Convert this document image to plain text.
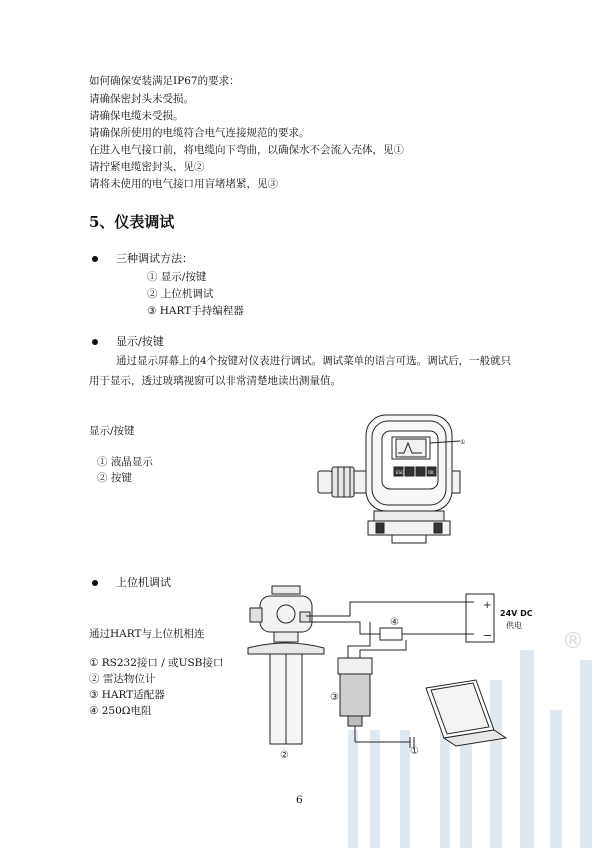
如何确保安装满足IP67的要求：
请确保密封头未受损。
请确保电缆未受损。
请确保所使用的电缆符合电气连接规范的要求。
在进入电气接口前，将电缆向下弯曲，以确保水不会流入壳体，见①
请拧紧电缆密封头，见②
请将未使用的电气接口用盲堵堵紧，见③
5、仪表调试
三种调试方法：
① 显示/按键
② 上位机调试
③ HART手持编程器
显示/按键
通过显示屏幕上的4个按键对仪表进行调试。调试菜单的语言可选。调试后，一般就只
用于显示，透过玻璃视窗可以非常清楚地读出测量值。
显示/按键
① 液晶显示
② 按键	ESC	OK
①
上位机调试
通过HART与上位机相连
① RS232接口 / 或USB接口
② 雷达物位计
③ HART适配器
④ 250Ω电阻
®
+
−
24V DC
供电
④
③
①
②
6
